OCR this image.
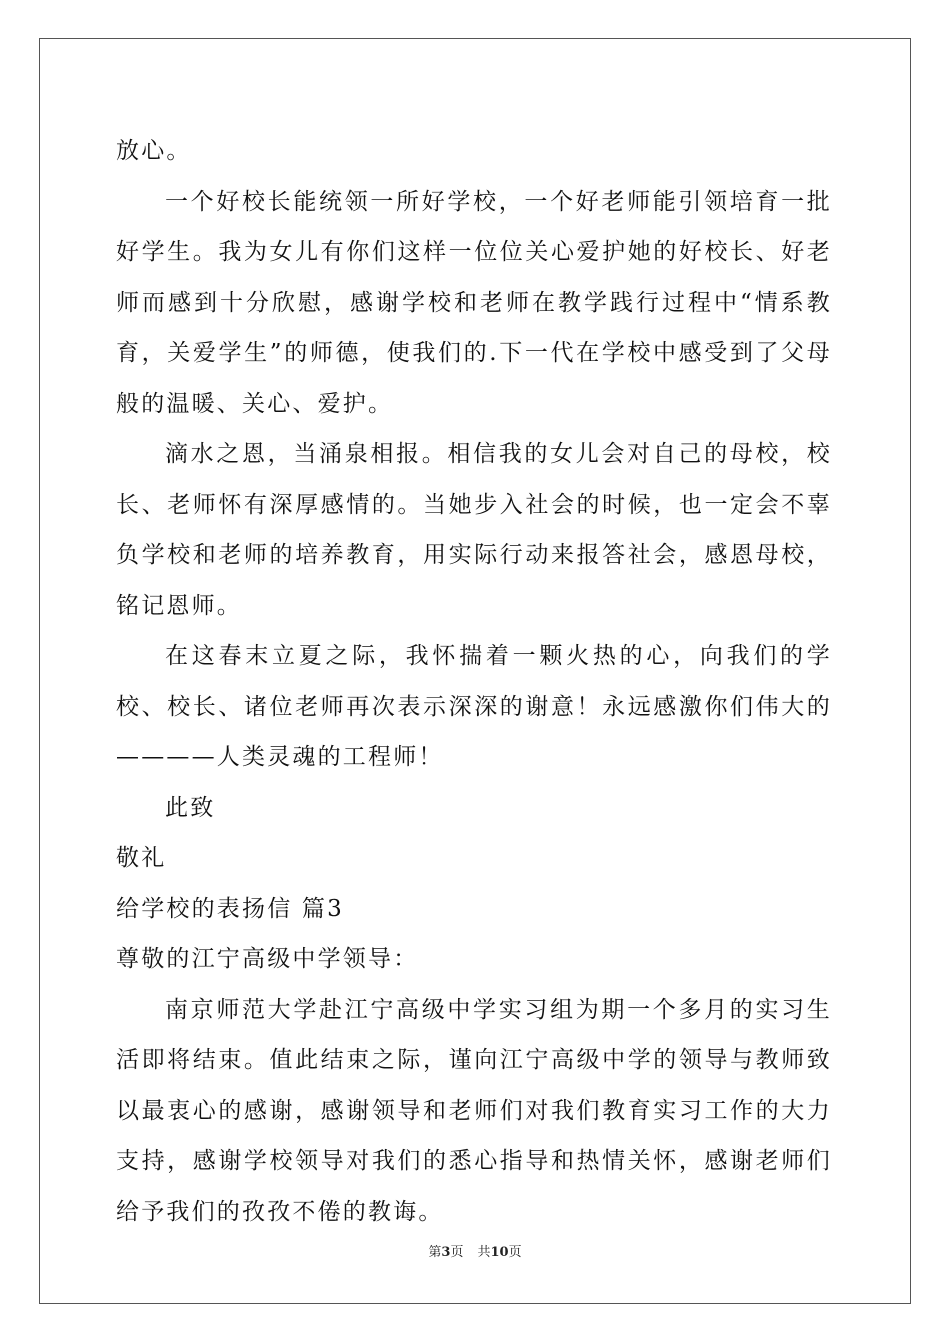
放心。

一个好校长能统领一所好学校，一个好老师能引领培育一批好学生。我为女儿有你们这样一位位关心爱护她的好校长、好老师而感到十分欣慰，感谢学校和老师在教学践行过程中“情系教育，关爱学生”的师德，使我们的.下一代在学校中感受到了父母般的温暖、关心、爱护。

滴水之恩，当涌泉相报。相信我的女儿会对自己的母校，校长、老师怀有深厚感情的。当她步入社会的时候，也一定会不辜负学校和老师的培养教育，用实际行动来报答社会，感恩母校，铭记恩师。

在这春末立夏之际，我怀揣着一颗火热的心，向我们的学校、校长、诸位老师再次表示深深的谢意！永远感激你们伟大的————人类灵魂的工程师！

此致

敬礼

给学校的表扬信 篇3

尊敬的江宁高级中学领导：

南京师范大学赴江宁高级中学实习组为期一个多月的实习生活即将结束。值此结束之际，谨向江宁高级中学的领导与教师致以最衷心的感谢，感谢领导和老师们对我们教育实习工作的大力支持，感谢学校领导对我们的悉心指导和热情关怀，感谢老师们给予我们的孜孜不倦的教诲。

第3页 共10页
